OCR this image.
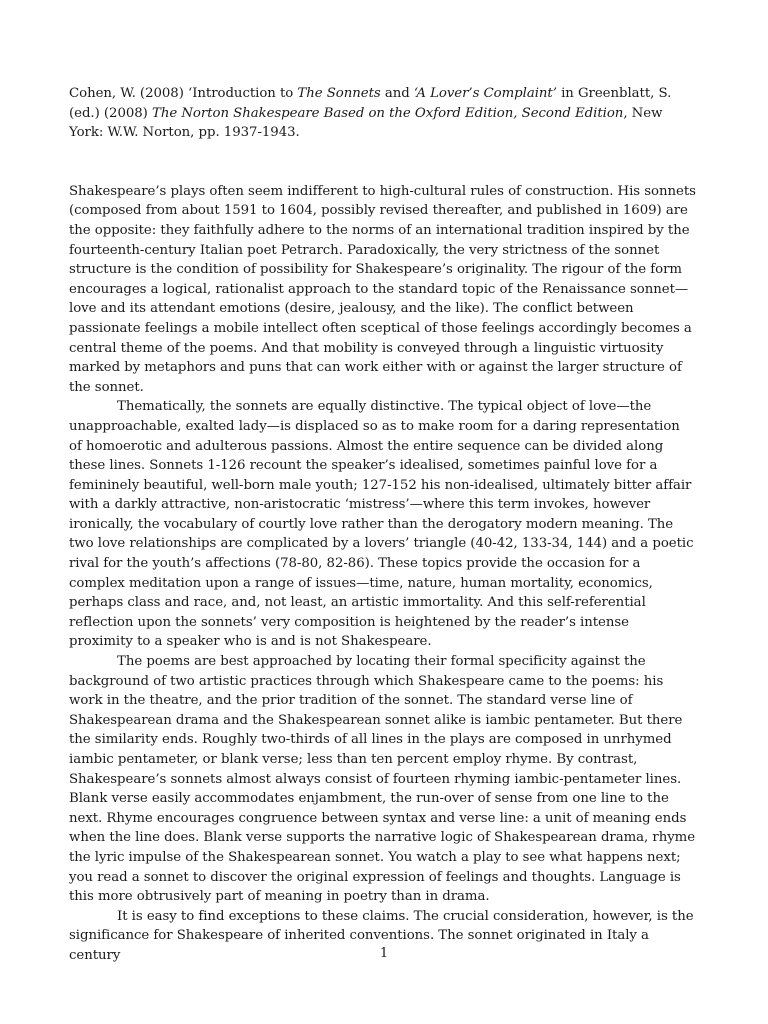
Cohen, W. (2008) ‘Introduction to The Sonnets and ‘A Lover’s Complaint’ in Greenblatt, S. (ed.) (2008) The Norton Shakespeare Based on the Oxford Edition, Second Edition, New York: W.W. Norton, pp. 1937-1943.

Shakespeare’s plays often seem indifferent to high-cultural rules of construction. His sonnets (composed from about 1591 to 1604, possibly revised thereafter, and published in 1609) are the opposite: they faithfully adhere to the norms of an international tradition inspired by the fourteenth-century Italian poet Petrarch. Paradoxically, the very strictness of the sonnet structure is the condition of possibility for Shakespeare’s originality. The rigour of the form encourages a logical, rationalist approach to the standard topic of the Renaissance sonnet—love and its attendant emotions (desire, jealousy, and the like). The conflict between passionate feelings a mobile intellect often sceptical of those feelings accordingly becomes a central theme of the poems. And that mobility is conveyed through a linguistic virtuosity marked by metaphors and puns that can work either with or against the larger structure of the sonnet.

Thematically, the sonnets are equally distinctive. The typical object of love—the unapproachable, exalted lady—is displaced so as to make room for a daring representation of homoerotic and adulterous passions. Almost the entire sequence can be divided along these lines. Sonnets 1-126 recount the speaker’s idealised, sometimes painful love for a femininely beautiful, well-born male youth; 127-152 his non-idealised, ultimately bitter affair with a darkly attractive, non-aristocratic ‘mistress’—where this term invokes, however ironically, the vocabulary of courtly love rather than the derogatory modern meaning. The two love relationships are complicated by a lovers’ triangle (40-42, 133-34, 144) and a poetic rival for the youth’s affections (78-80, 82-86). These topics provide the occasion for a complex meditation upon a range of issues—time, nature, human mortality, economics, perhaps class and race, and, not least, an artistic immortality. And this self-referential reflection upon the sonnets’ very composition is heightened by the reader’s intense proximity to a speaker who is and is not Shakespeare.

The poems are best approached by locating their formal specificity against the background of two artistic practices through which Shakespeare came to the poems: his work in the theatre, and the prior tradition of the sonnet. The standard verse line of Shakespearean drama and the Shakespearean sonnet alike is iambic pentameter. But there the similarity ends. Roughly two-thirds of all lines in the plays are composed in unrhymed iambic pentameter, or blank verse; less than ten percent employ rhyme. By contrast, Shakespeare’s sonnets almost always consist of fourteen rhyming iambic-pentameter lines. Blank verse easily accommodates enjambment, the run-over of sense from one line to the next. Rhyme encourages congruence between syntax and verse line: a unit of meaning ends when the line does. Blank verse supports the narrative logic of Shakespearean drama, rhyme the lyric impulse of the Shakespearean sonnet. You watch a play to see what happens next; you read a sonnet to discover the original expression of feelings and thoughts. Language is this more obtrusively part of meaning in poetry than in drama.

It is easy to find exceptions to these claims. The crucial consideration, however, is the significance for Shakespeare of inherited conventions. The sonnet originated in Italy a century	1
